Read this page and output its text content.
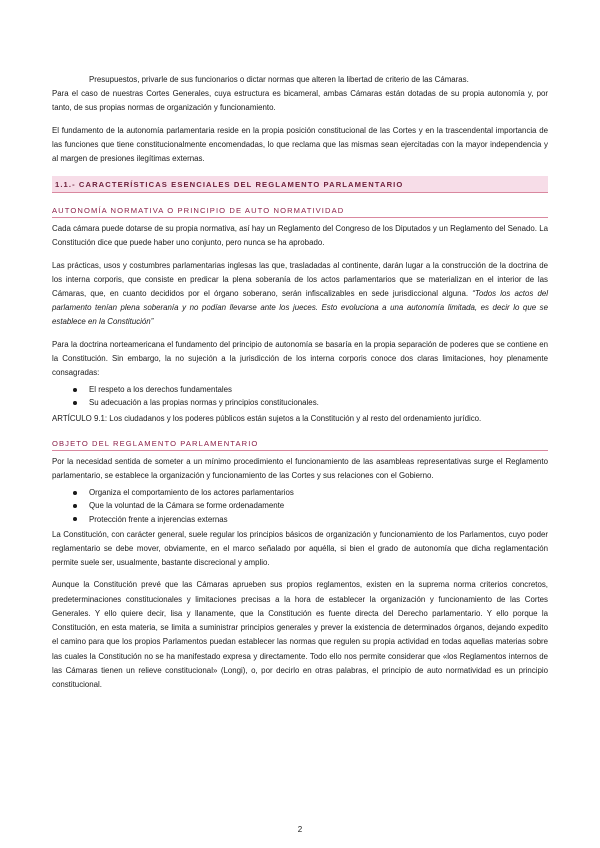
Presupuestos, privarle de sus funcionarios o dictar normas que alteren la libertad de criterio de las Cámaras.

Para el caso de nuestras Cortes Generales, cuya estructura es bicameral, ambas Cámaras están dotadas de su propia autonomía y, por tanto, de sus propias normas de organización y funcionamiento.

El fundamento de la autonomía parlamentaria reside en la propia posición constitucional de las Cortes y en la trascendental importancia de las funciones que tiene constitucionalmente encomendadas, lo que reclama que las mismas sean ejercitadas con la mayor independencia y al margen de presiones ilegítimas externas.

1.1.- CARACTERÍSTICAS ESENCIALES DEL REGLAMENTO PARLAMENTARIO
AUTONOMÍA NORMATIVA O PRINCIPIO DE AUTO NORMATIVIDAD

Cada cámara puede dotarse de su propia normativa, así hay un Reglamento del Congreso de los Diputados y un Reglamento del Senado. La Constitución dice que puede haber uno conjunto, pero nunca se ha aprobado.

Las prácticas, usos y costumbres parlamentarias inglesas las que, trasladadas al continente, darán lugar a la construcción de la doctrina de los interna corporis, que consiste en predicar la plena soberanía de los actos parlamentarios que se materializan en el interior de las Cámaras, que, en cuanto decididos por el órgano soberano, serán infiscalizables en sede jurisdiccional alguna. “Todos los actos del parlamento tenían plena soberanía y no podían llevarse ante los jueces. Esto evoluciona a una autonomía limitada, es decir lo que se establece en la Constitución”

Para la doctrina norteamericana el fundamento del principio de autonomía se basaría en la propia separación de poderes que se contiene en la Constitución. Sin embargo, la no sujeción a la jurisdicción de los interna corporis conoce dos claras limitaciones, hoy plenamente consagradas:

El respeto a los derechos fundamentales
Su adecuación a las propias normas y principios constitucionales.

ARTÍCULO 9.1: Los ciudadanos y los poderes públicos están sujetos a la Constitución y al resto del ordenamiento jurídico.

OBJETO DEL REGLAMENTO PARLAMENTARIO

Por la necesidad sentida de someter a un mínimo procedimiento el funcionamiento de las asambleas representativas surge el Reglamento parlamentario, se establece la organización y funcionamiento de las Cortes y sus relaciones con el Gobierno.

Organiza el comportamiento de los actores parlamentarios
Que la voluntad de la Cámara se forme ordenadamente
Protección frente a injerencias externas

La Constitución, con carácter general, suele regular los principios básicos de organización y funcionamiento de los Parlamentos, cuyo poder reglamentario se debe mover, obviamente, en el marco señalado por aquélla, si bien el grado de autonomía que dicha reglamentación permite suele ser, usualmente, bastante discrecional y amplio.

Aunque la Constitución prevé que las Cámaras aprueben sus propios reglamentos, existen en la suprema norma criterios concretos, predeterminaciones constitucionales y limitaciones precisas a la hora de establecer la organización y funcionamiento de las Cortes Generales. Y ello quiere decir, lisa y llanamente, que la Constitución es fuente directa del Derecho parlamentario. Y ello porque la Constitución, en esta materia, se limita a suministrar principios generales y prever la existencia de determinados órganos, dejando expedito el camino para que los propios Parlamentos puedan establecer las normas que regulen su propia actividad en todas aquellas materias sobre las cuales la Constitución no se ha manifestado expresa y directamente. Todo ello nos permite considerar que «los Reglamentos internos de las Cámaras tienen un relieve constitucional» (Longi), o, por decirlo en otras palabras, el principio de auto normatividad es un principio constitucional.

2
